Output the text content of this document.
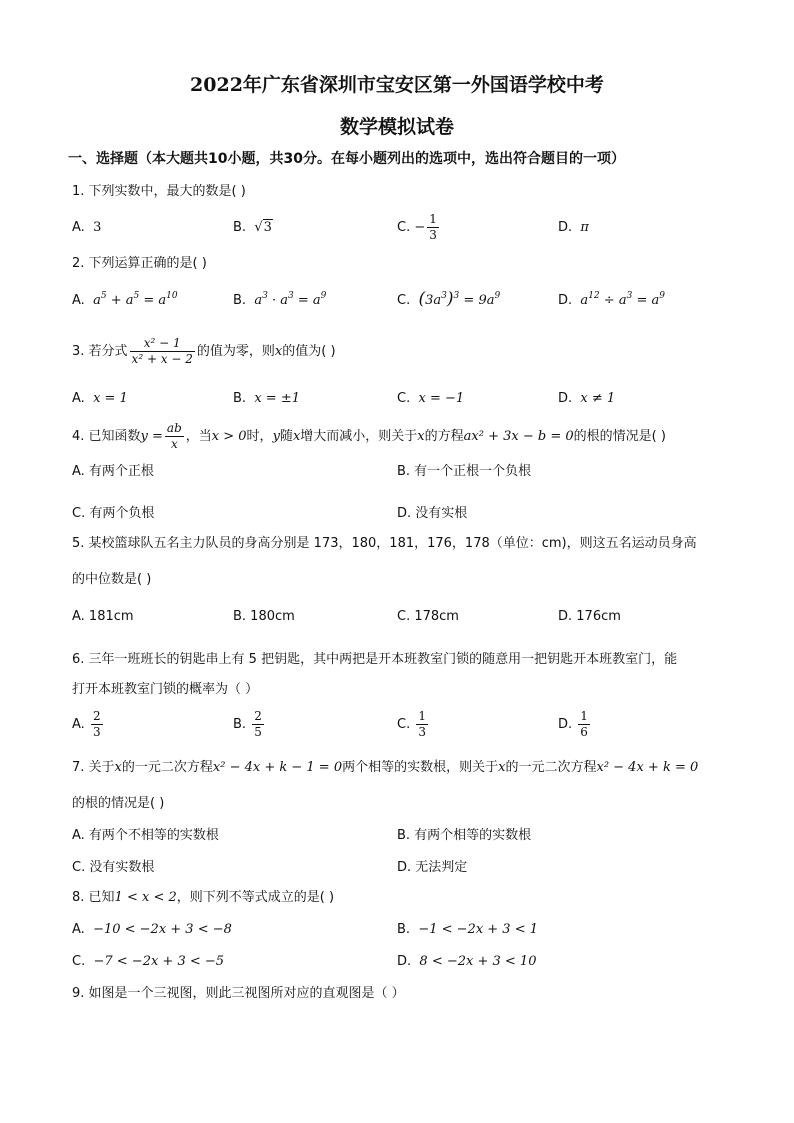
2022年广东省深圳市宝安区第一外国语学校中考
数学模拟试卷
一、选择题（本大题共10小题，共30分。在每小题列出的选项中，选出符合题目的一项）
1. 下列实数中，最大的数是( )
A. 3	B. √3	C. − $\frac{1}{3}$	D. π
2. 下列运算正确的是( )
A. $a^5 + a^5 = a^{10}$	B. $a^3 \cdot a^3 = a^9$	C. $(3a^3)^3 = 9a^9$	D. $a^{12} \div a^3 = a^9$
3. 若分式 $\frac{\text{x² − 1}}{\text{x² + x − 2}}$ 的值为零，则x的值为( )
A. x = 1	B. x = ±1	C. x = −1	D. x ≠ 1
4. 已知函数$y = \frac{ab}{x}$ ，当x > 0时，y随x增大而减小，则关于x的方程ax² + 3x − b = 0的根的情况是( )
A. 有两个正根	B. 有一个正根一个负根
C. 有两个负根	D. 没有实根
5. 某校篮球队五名主力队员的身高分别是 173，180，181，176，178（单位：cm)，则这五名运动员身高
的中位数是( )
A. 181cm	B. 180cm	C. 178cm	D. 176cm
6. 三年一班班长的钥匙串上有 5 把钥匙，其中两把是开本班教室门锁的随意用一把钥匙开本班教室门，能
打开本班教室门锁的概率为（ ）
A. $\frac{2}{3}$	B. $\frac{2}{5}$	C. $\frac{1}{3}$	D. $\frac{1}{6}$
7. 关于x的一元二次方程x² − 4x + k − 1 = 0两个相等的实数根，则关于x的一元二次方程x² − 4x + k = 0
的根的情况是( )
A. 有两个不相等的实数根	B. 有两个相等的实数根
C. 没有实数根	D. 无法判定
8. 已知1 < x < 2，则下列不等式成立的是( )
A. −10 < −2x + 3 < −8	B. −1 < −2x + 3 < 1
C. −7 < −2x + 3 < −5	D. 8 < −2x + 3 < 10
9. 如图是一个三视图，则此三视图所对应的直观图是（ ）
